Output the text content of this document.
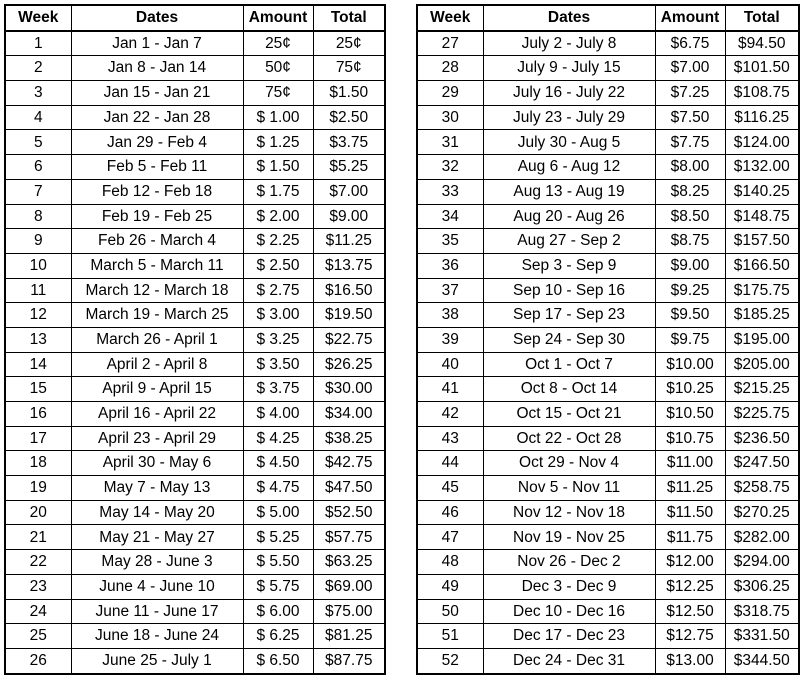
Week	Dates	Amount	Total
1	Jan 1 - Jan 7	25¢	25¢
2	Jan 8 - Jan 14	50¢	75¢
3	Jan 15 - Jan 21	75¢	$1.50
4	Jan 22 - Jan 28	$ 1.00	$2.50
5	Jan 29 - Feb 4	$ 1.25	$3.75
6	Feb 5 - Feb 11	$ 1.50	$5.25
7	Feb 12 - Feb 18	$ 1.75	$7.00
8	Feb 19 - Feb 25	$ 2.00	$9.00
9	Feb 26 - March 4	$ 2.25	$11.25
10	March 5 - March 11	$ 2.50	$13.75
11	March 12 - March 18	$ 2.75	$16.50
12	March 19 - March 25	$ 3.00	$19.50
13	March 26 - April 1	$ 3.25	$22.75
14	April 2 - April 8	$ 3.50	$26.25
15	April 9 - April 15	$ 3.75	$30.00
16	April 16 - April 22	$ 4.00	$34.00
17	April 23 - April 29	$ 4.25	$38.25
18	April 30 - May 6	$ 4.50	$42.75
19	May 7 - May 13	$ 4.75	$47.50
20	May 14 - May 20	$ 5.00	$52.50
21	May 21 - May 27	$ 5.25	$57.75
22	May 28 - June 3	$ 5.50	$63.25
23	June 4 - June 10	$ 5.75	$69.00
24	June 11 - June 17	$ 6.00	$75.00
25	June 18 - June 24	$ 6.25	$81.25
26	June 25 - July 1	$ 6.50	$87.75
Week	Dates	Amount	Total
27	July 2 - July 8	$6.75	$94.50
28	July 9 - July 15	$7.00	$101.50
29	July 16 - July 22	$7.25	$108.75
30	July 23 - July 29	$7.50	$116.25
31	July 30 - Aug 5	$7.75	$124.00
32	Aug 6 - Aug 12	$8.00	$132.00
33	Aug 13 - Aug 19	$8.25	$140.25
34	Aug 20 - Aug 26	$8.50	$148.75
35	Aug 27 - Sep 2	$8.75	$157.50
36	Sep 3 - Sep 9	$9.00	$166.50
37	Sep 10 - Sep 16	$9.25	$175.75
38	Sep 17 - Sep 23	$9.50	$185.25
39	Sep 24 - Sep 30	$9.75	$195.00
40	Oct 1 - Oct 7	$10.00	$205.00
41	Oct 8 - Oct 14	$10.25	$215.25
42	Oct 15 - Oct 21	$10.50	$225.75
43	Oct 22 - Oct 28	$10.75	$236.50
44	Oct 29 - Nov 4	$11.00	$247.50
45	Nov 5 - Nov 11	$11.25	$258.75
46	Nov 12 - Nov 18	$11.50	$270.25
47	Nov 19 - Nov 25	$11.75	$282.00
48	Nov 26 - Dec 2	$12.00	$294.00
49	Dec 3 - Dec 9	$12.25	$306.25
50	Dec 10 - Dec 16	$12.50	$318.75
51	Dec 17 - Dec 23	$12.75	$331.50
52	Dec 24 - Dec 31	$13.00	$344.50
